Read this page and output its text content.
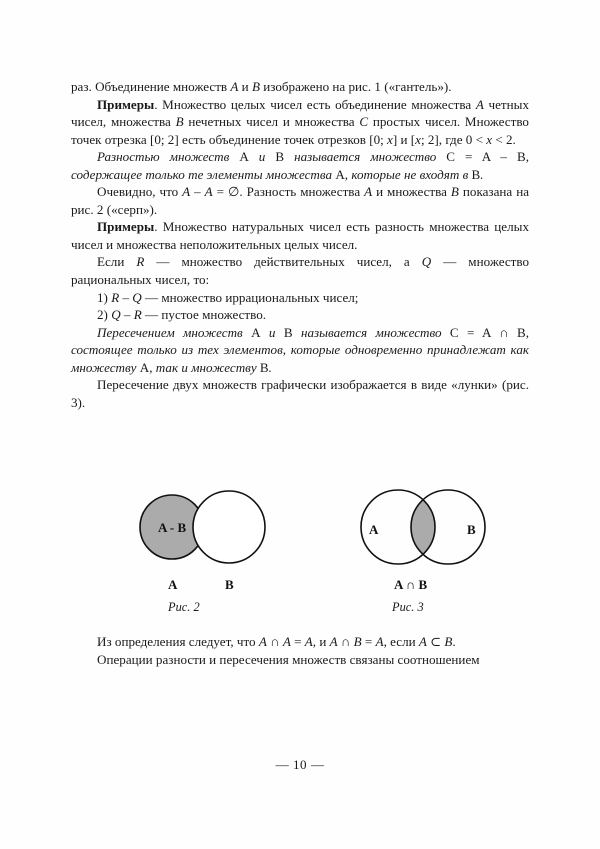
раз. Объединение множеств A и B изображено на рис. 1 («гантель»).

Примеры. Множество целых чисел есть объединение множества A четных чисел, множества B нечетных чисел и множества C простых чисел. Множество точек отрезка [0; 2] есть объединение точек отрезков [0; x] и [x; 2], где 0 < x < 2.

Разностью множеств A и B называется множество C = A – B, содержащее только те элементы множества A, которые не входят в B.

Очевидно, что A – A = ∅. Разность множества A и множества B показана на рис. 2 («серп»).

Примеры. Множество натуральных чисел есть разность множества целых чисел и множества неположительных целых чисел.

Если R — множество действительных чисел, а Q — множество рациональных чисел, то:

1) R – Q — множество иррациональных чисел;

2) Q – R — пустое множество.

Пересечением множеств A и B называется множество C = A ∩ B, состоящее только из тех элементов, которые одновременно принадлежат как множеству A, так и множеству B.

Пересечение двух множеств графически изображается в виде «лунки» (рис. 3).

A - B
A	B
A	B
A ∩ B
Рис. 2	Рис. 3

Из определения следует, что A ∩ A = A, и A ∩ B = A, если A ⊂ B.

Операции разности и пересечения множеств связаны соотношением

— 10 —
